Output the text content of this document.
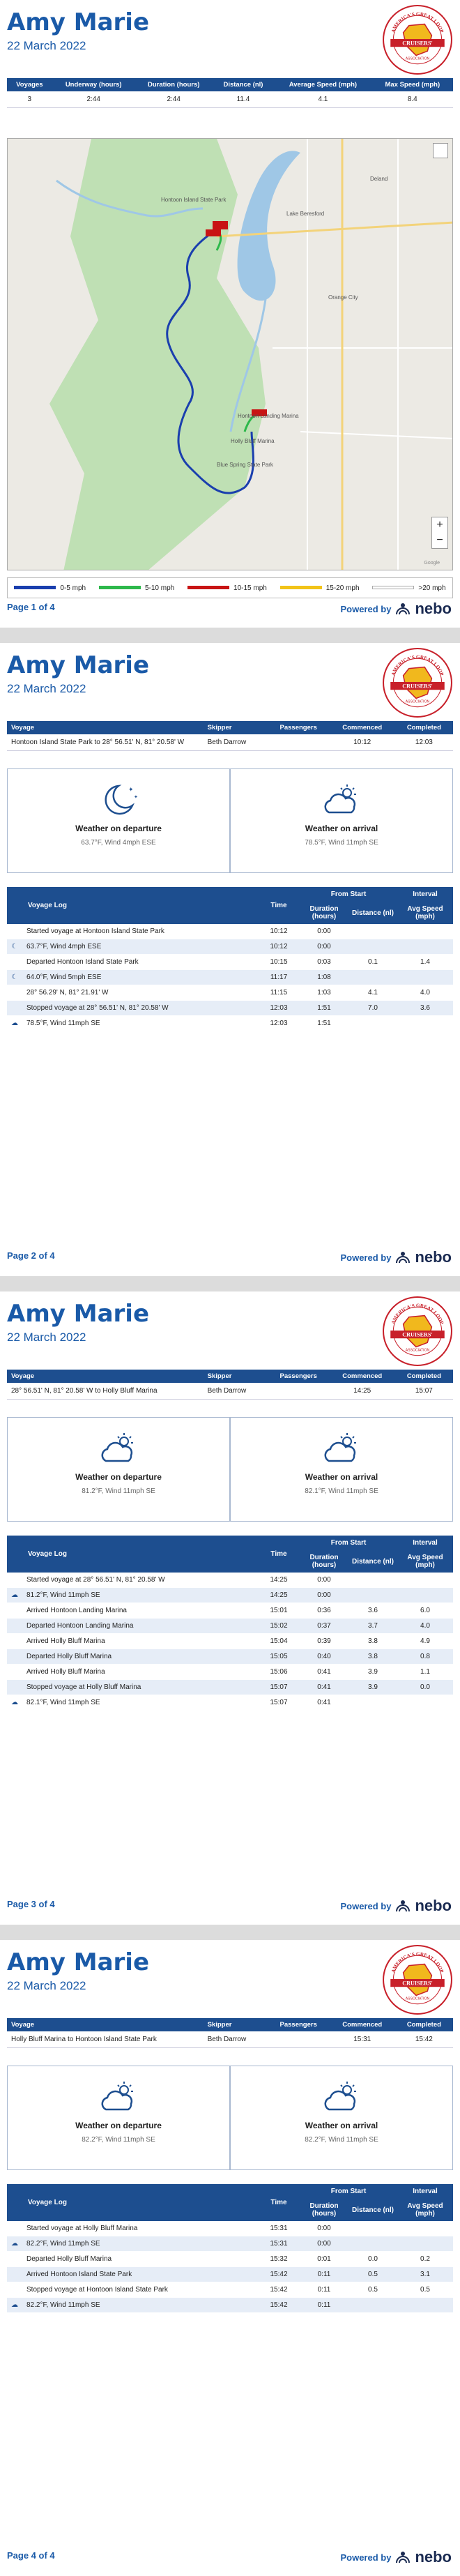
Amy Marie
22 March 2022	CRUISERS'
AMERICA'S GREAT LOOP
ASSOCIATION
Voyages	Underway (hours)	Duration (hours)	Distance (nl)	Average Speed (mph)	Max Speed (mph)
3	2:44	2:44	11.4	4.1	8.4
Hontoon Island State Park
Holly Bluff Marina
Lake Beresford
Blue Spring State Park
Orange City
Deland
Hontoon Landing Marina
Google
+
−
0-5 mph	5-10 mph	10-15 mph	15-20 mph	>20 mph
Page 1 of 4	Powered by nebo
Amy Marie
22 March 2022	CRUISERS'
AMERICA'S GREAT LOOP
ASSOCIATION
Voyage	Skipper	Passengers	Commenced	Completed
Hontoon Island State Park to 28° 56.51' N, 81° 20.58' W	Beth Darrow		10:12	12:03
✦
✦
Weather on departure
63.7°F, Wind 4mph ESE
Weather on arrival
78.5°F, Wind 11mph SE
Voyage Log		Time	From Start		Interval
			Duration (hours)	Distance (nl)	Avg Speed (mph)
	Started voyage at Hontoon Island State Park	10:12	0:00		
☾	63.7°F, Wind 4mph ESE	10:12	0:00		
	Departed Hontoon Island State Park	10:15	0:03	0.1	1.4
☾	64.0°F, Wind 5mph ESE	11:17	1:08		
	28° 56.29' N, 81° 21.91' W	11:15	1:03	4.1	4.0
	Stopped voyage at 28° 56.51' N, 81° 20.58' W	12:03	1:51	7.0	3.6
☁	78.5°F, Wind 11mph SE	12:03	1:51		
Page 2 of 4	Powered by nebo
Amy Marie
22 March 2022	CRUISERS'
AMERICA'S GREAT LOOP
ASSOCIATION
Voyage	Skipper	Passengers	Commenced	Completed
28° 56.51' N, 81° 20.58' W to Holly Bluff Marina	Beth Darrow		14:25	15:07
Weather on departure
81.2°F, Wind 11mph SE
Weather on arrival
82.1°F, Wind 11mph SE
Voyage Log		Time	From Start		Interval
			Duration (hours)	Distance (nl)	Avg Speed (mph)
	Started voyage at 28° 56.51' N, 81° 20.58' W	14:25	0:00		
☁	81.2°F, Wind 11mph SE	14:25	0:00		
	Arrived Hontoon Landing Marina	15:01	0:36	3.6	6.0
	Departed Hontoon Landing Marina	15:02	0:37	3.7	4.0
	Arrived Holly Bluff Marina	15:04	0:39	3.8	4.9
	Departed Holly Bluff Marina	15:05	0:40	3.8	0.8
	Arrived Holly Bluff Marina	15:06	0:41	3.9	1.1
	Stopped voyage at Holly Bluff Marina	15:07	0:41	3.9	0.0
☁	82.1°F, Wind 11mph SE	15:07	0:41		
Page 3 of 4	Powered by nebo
Amy Marie
22 March 2022	CRUISERS'
AMERICA'S GREAT LOOP
ASSOCIATION
Voyage	Skipper	Passengers	Commenced	Completed
Holly Bluff Marina to Hontoon Island State Park	Beth Darrow		15:31	15:42
Weather on departure
82.2°F, Wind 11mph SE
Weather on arrival
82.2°F, Wind 11mph SE
Voyage Log		Time	From Start		Interval
			Duration (hours)	Distance (nl)	Avg Speed (mph)
	Started voyage at Holly Bluff Marina	15:31	0:00		
☁	82.2°F, Wind 11mph SE	15:31	0:00		
	Departed Holly Bluff Marina	15:32	0:01	0.0	0.2
	Arrived Hontoon Island State Park	15:42	0:11	0.5	3.1
	Stopped voyage at Hontoon Island State Park	15:42	0:11	0.5	0.5
☁	82.2°F, Wind 11mph SE	15:42	0:11		
Page 4 of 4	Powered by nebo
